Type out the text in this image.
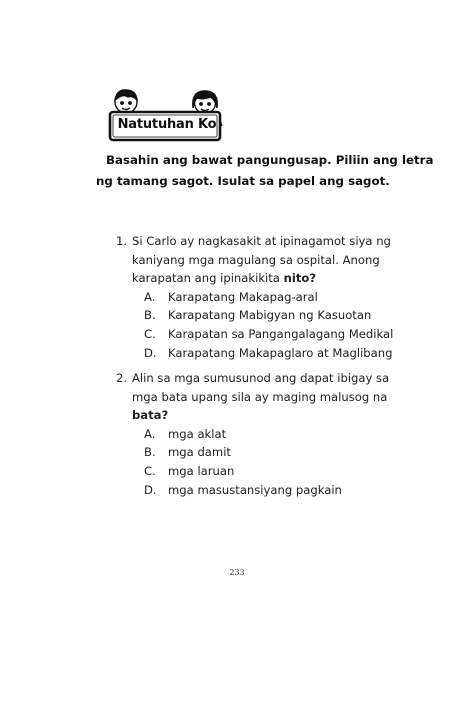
Natutuhan Ko
Basahin ang bawat pangungusap. Piliin ang letra
ng tamang sagot. Isulat sa papel ang sagot.
1. Si Carlo ay nagkasakit at ipinagamot siya ng
kaniyang mga magulang sa ospital. Anong
karapatan ang ipinakikita nito?
A.	Karapatang Makapag-aral
B.	Karapatang Mabigyan ng Kasuotan
C.	Karapatan sa Pangangalagang Medikal
D. Karapatang Makapaglaro at Maglibang
2. Alin sa mga sumusunod ang dapat ibigay sa
mga bata upang sila ay maging malusog na
bata?
A.	mga aklat
B.	mga damit
C.	mga laruan
D. mga masustansiyang pagkain
233
